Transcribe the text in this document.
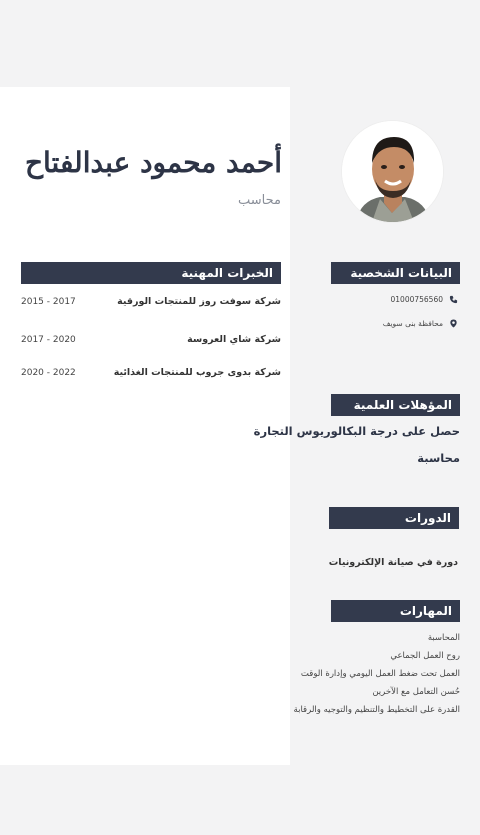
أحمد محمود عبدالفتاح
محاسب
الخبرات المهنية
شركة سوفت روز للمنتجات الورقية
2015 - 2017
شركة شاي العروسة
2017 - 2020
شركة بدوى جروب للمنتجات الغذائية
2020 - 2022
البيانات الشخصية
01000756560
محافظة بنى سويف
المؤهلات العلمية
حصل على درجة البكالوريوس التجارة
محاسبة
الدورات
دورة في صيانة الإلكترونيات
المهارات
المحاسبة
روح العمل الجماعي
العمل تحت ضغط العمل اليومي وإدارة الوقت
حُسن التعامل مع الآخرين
القدرة على التخطيط والتنظيم والتوجيه والرقابة
